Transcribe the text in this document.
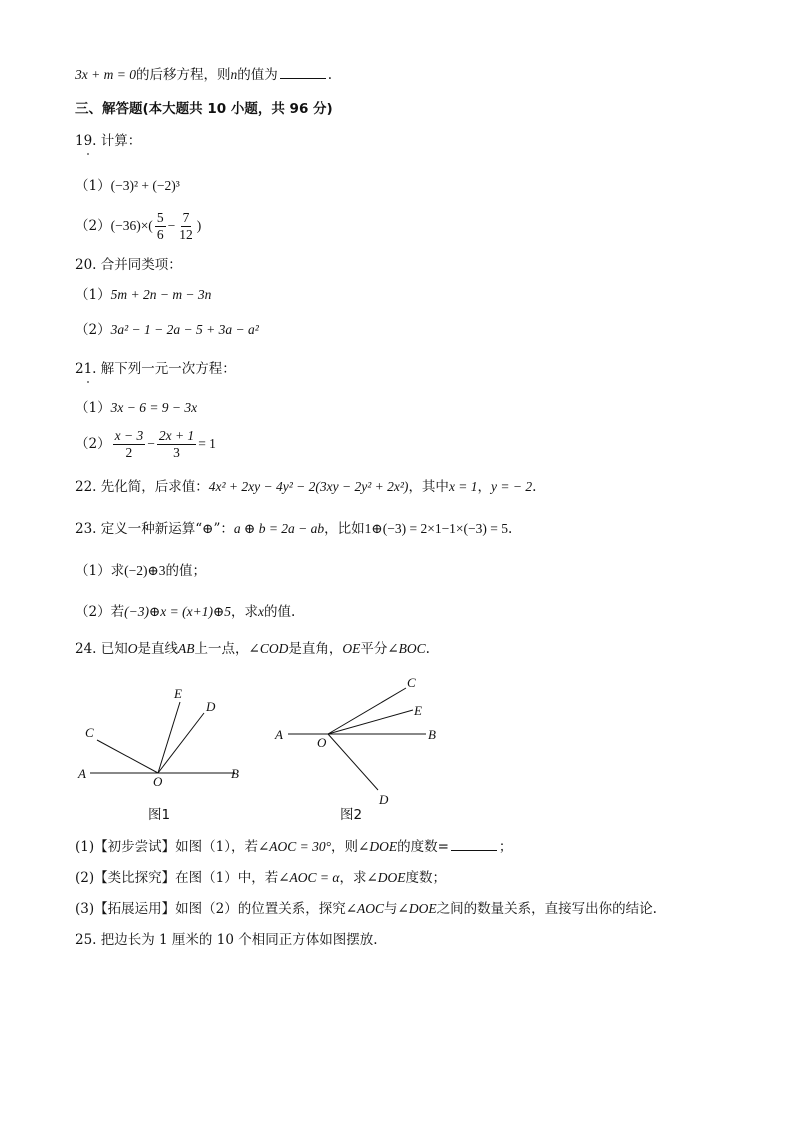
3x + m = 0的后移方程，则n的值为	.
三、解答题(本大题共 10 小题，共 96 分)
19. 计算：
（1）(−3)² + (−2)³
$(2)(-36)\times( \frac{5}{6} - \frac{7}{12}$ )
20. 合并同类项：
（1）5m + 2n − m − 3n
（2）3a² − 1 − 2a − 5 + 3a − a²
21. 解下列一元一次方程：
（1）3x − 6 = 9 − 3x
$(2) \frac{x - 3}{2} - \frac{2x + 1}{3} = 1$
22. 先化简，后求值：4x² + 2xy − 4y² − 2(3xy − 2y² + 2x²)，其中x = 1，y = − 2.
23. 定义一种新运算“⊕”：a ⊕ b = 2a − ab，比如1⊕(−3) = 2×1−1×(−3) = 5.
（1）求(−2)⊕3的值；
（2）若(−3)⊕x = (x+1)⊕5，求x的值.
24. 已知O是直线AB上一点，∠COD是直角，OE平分∠BOC.
A	B
C
D
E
O
图1
A	B
C
D
E
O
图2
(1)【初步尝试】如图（1），若∠AOC = 30°，则∠DOE的度数=	；
(2)【类比探究】在图（1）中，若∠AOC = α，求∠DOE度数；
(3)【拓展运用】如图（2）的位置关系，探究∠AOC与∠DOE之间的数量关系，直接写出你的结论.
25. 把边长为 1 厘米的 10 个相同正方体如图摆放.
